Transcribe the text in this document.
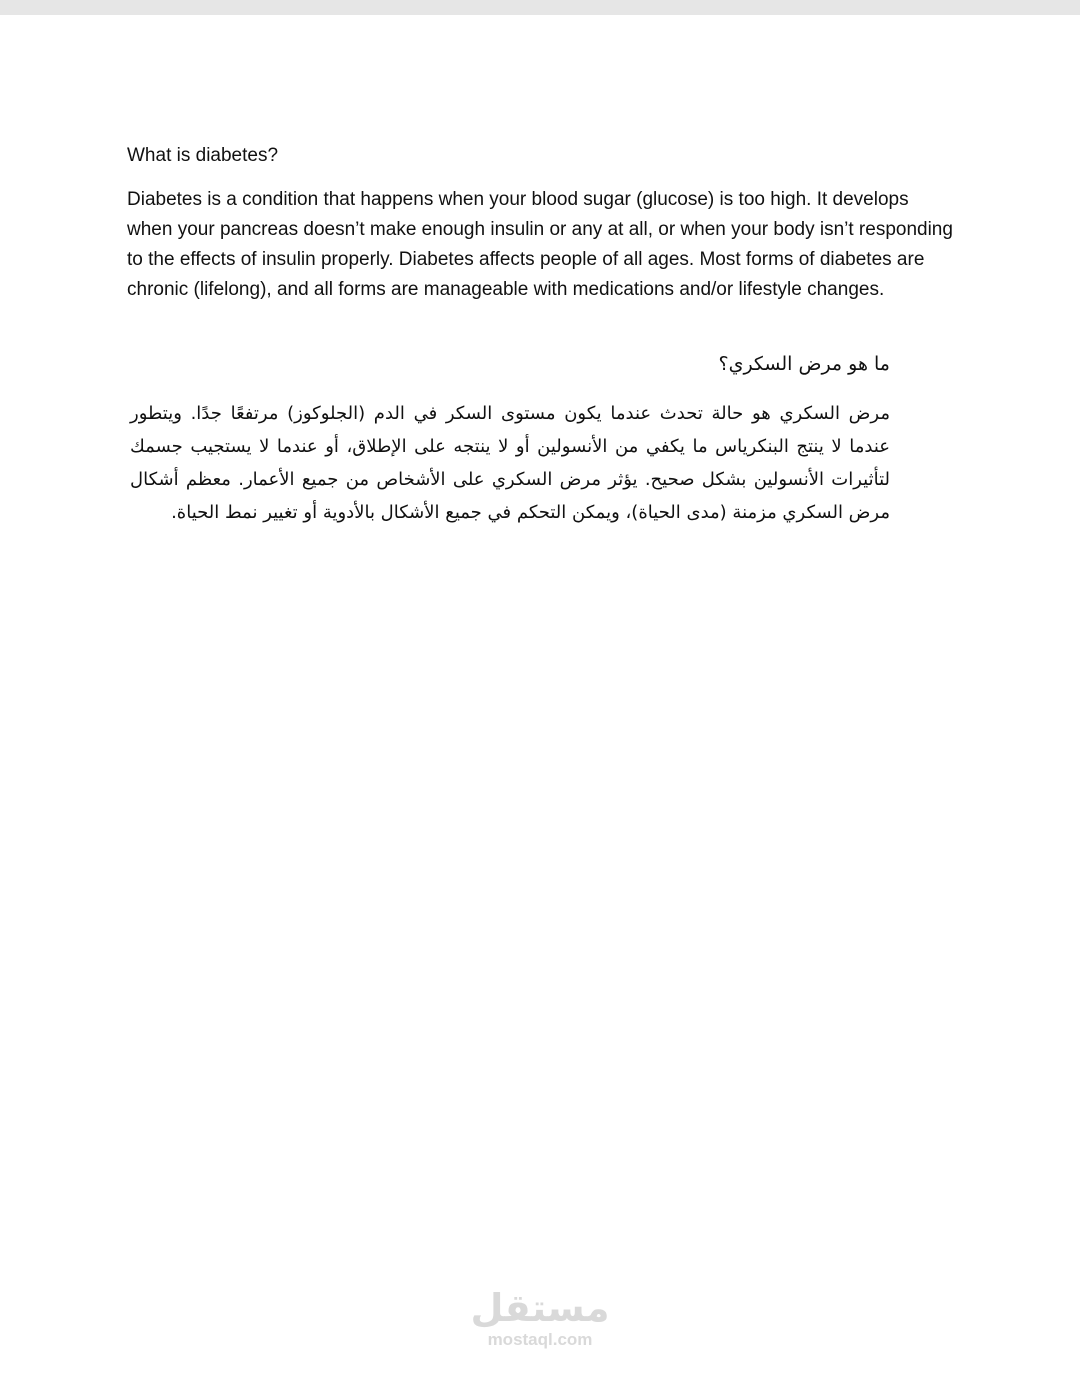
What is diabetes?

Diabetes is a condition that happens when your blood sugar (glucose) is too high. It develops when your pancreas doesn’t make enough insulin or any at all, or when your body isn’t responding to the effects of insulin properly. Diabetes affects people of all ages. Most forms of diabetes are chronic (lifelong), and all forms are manageable with medications and/or lifestyle changes.

ما هو مرض السكري؟

مرض السكري هو حالة تحدث عندما يكون مستوى السكر في الدم (الجلوكوز) مرتفعًا جدًا. ويتطور عندما لا ينتج البنكرياس ما يكفي من الأنسولين أو لا ينتجه على الإطلاق، أو عندما لا يستجيب جسمك لتأثيرات الأنسولين بشكل صحيح. يؤثر مرض السكري على الأشخاص من جميع الأعمار. معظم أشكال مرض السكري مزمنة (مدى الحياة)، ويمكن التحكم في جميع الأشكال بالأدوية أو تغيير نمط الحياة.

مستقل
mostaql.com
